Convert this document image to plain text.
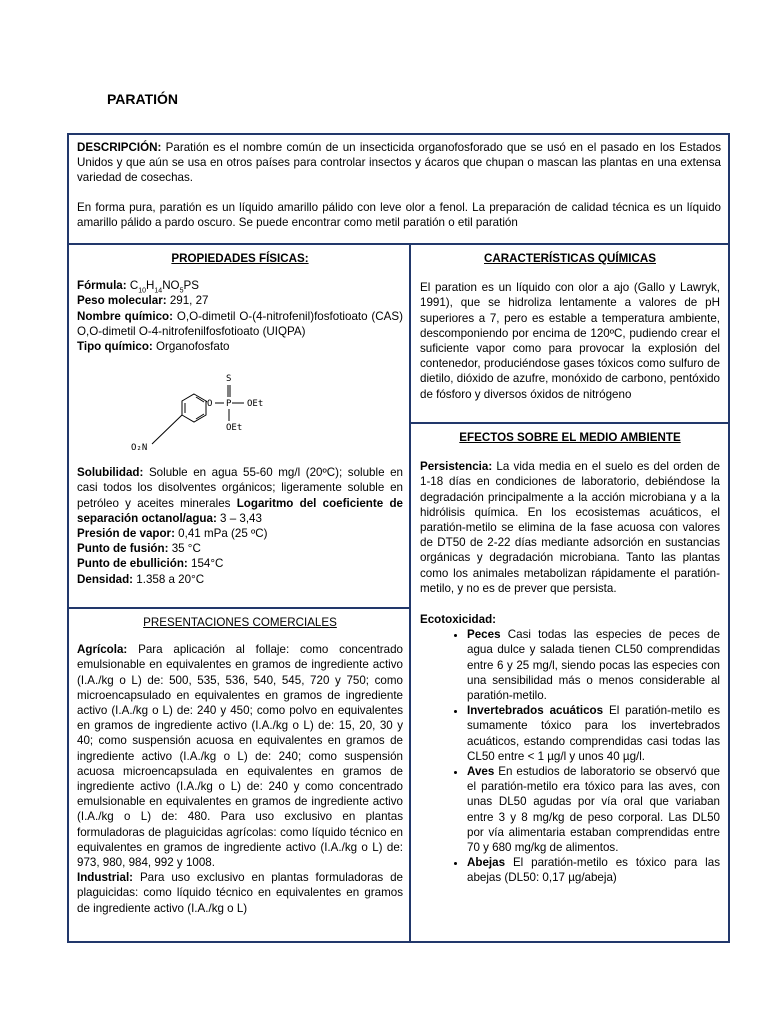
PARATIÓN

DESCRIPCIÓN: Paratión es el nombre común de un insecticida organofosforado que se usó en el pasado en los Estados Unidos y que aún se usa en otros países para controlar insectos y ácaros que chupan o mascan las plantas en una extensa variedad de cosechas.

En forma pura, paratión es un líquido amarillo pálido con leve olor a fenol. La preparación de calidad técnica es un líquido amarillo pálido a pardo oscuro. Se puede encontrar como metil paratión o etil paratión

PROPIEDADES FÍSICAS:

Fórmula: $C_{10}H_{14}NO_5PS$

Peso molecular: 291, 27

Nombre químico: O,O-dimetil O-(4-nitrofenil)fosfotioato (CAS) O,O-dimetil O-4-nitrofenilfosfotioato (UIQPA)

Tipo químico: Organofosfato

S
O P OEt
OEt
O₂N

Solubilidad: Soluble en agua 55-60 mg/l (20ºC); soluble en casi todos los disolventes orgánicos; ligeramente soluble en petróleo y aceites minerales Logaritmo del coeficiente de separación octanol/agua: 3 – 3,43

Presión de vapor: 0,41 mPa (25 ºC)

Punto de fusión: 35 °C

Punto de ebullición: 154°C

Densidad: 1.358 a 20°C

CARACTERÍSTICAS QUÍMICAS

El paration es un líquido con olor a ajo (Gallo y Lawryk, 1991), que se hidroliza lentamente a valores de pH superiores a 7, pero es estable a temperatura ambiente, descomponiendo por encima de 120ºC, pudiendo crear el suficiente vapor como para provocar la explosión del contenedor, produciéndose gases tóxicos como sulfuro de dietilo, dióxido de azufre, monóxido de carbono, pentóxido de fósforo y diversos óxidos de nitrógeno

EFECTOS SOBRE EL MEDIO AMBIENTE

Persistencia: La vida media en el suelo es del orden de 1-18 días en condiciones de laboratorio, debiéndose la degradación principalmente a la acción microbiana y a la hidrólisis química. En los ecosistemas acuáticos, el paratión-metilo se elimina de la fase acuosa con valores de DT50 de 2-22 días mediante adsorción en sustancias orgánicas y degradación microbiana. Tanto las plantas como los animales metabolizan rápidamente el paratión-metilo, y no es de prever que persista.

Ecotoxicidad:

• Peces Casi todas las especies de peces de agua dulce y salada tienen CL50 comprendidas entre 6 y 25 mg/l, siendo pocas las especies con una sensibilidad más o menos considerable al paratión-metilo.
• Invertebrados acuáticos El paratión-metilo es sumamente tóxico para los invertebrados acuáticos, estando comprendidas casi todas las CL50 entre < 1 µg/l y unos 40 µg/l.
• Aves En estudios de laboratorio se observó que el paratión-metilo era tóxico para las aves, con unas DL50 agudas por vía oral que variaban entre 3 y 8 mg/kg de peso corporal. Las DL50 por vía alimentaria estaban comprendidas entre 70 y 680 mg/kg de alimentos.
• Abejas El paratión-metilo es tóxico para las abejas (DL50: 0,17 µg/abeja)
PRESENTACIONES COMERCIALES

Agrícola: Para aplicación al follaje: como concentrado emulsionable en equivalentes en gramos de ingrediente activo (I.A./kg o L) de: 500, 535, 536, 540, 545, 720 y 750; como microencapsulado en equivalentes en gramos de ingrediente activo (I.A./kg o L) de: 240 y 450; como polvo en equivalentes en gramos de ingrediente activo (I.A./kg o L) de: 15, 20, 30 y 40; como suspensión acuosa en equivalentes en gramos de ingrediente activo (I.A./kg o L) de: 240; como suspensión acuosa microencapsulada en equivalentes en gramos de ingrediente activo (I.A./kg o L) de: 240 y como concentrado emulsionable en equivalentes en gramos de ingrediente activo (I.A./kg o L) de: 480. Para uso exclusivo en plantas formuladoras de plaguicidas agrícolas: como líquido técnico en equivalentes en gramos de ingrediente activo (I.A./kg o L) de: 973, 980, 984, 992 y 1008.

Industrial: Para uso exclusivo en plantas formuladoras de plaguicidas: como líquido técnico en equivalentes en gramos de ingrediente activo (I.A./kg o L)
